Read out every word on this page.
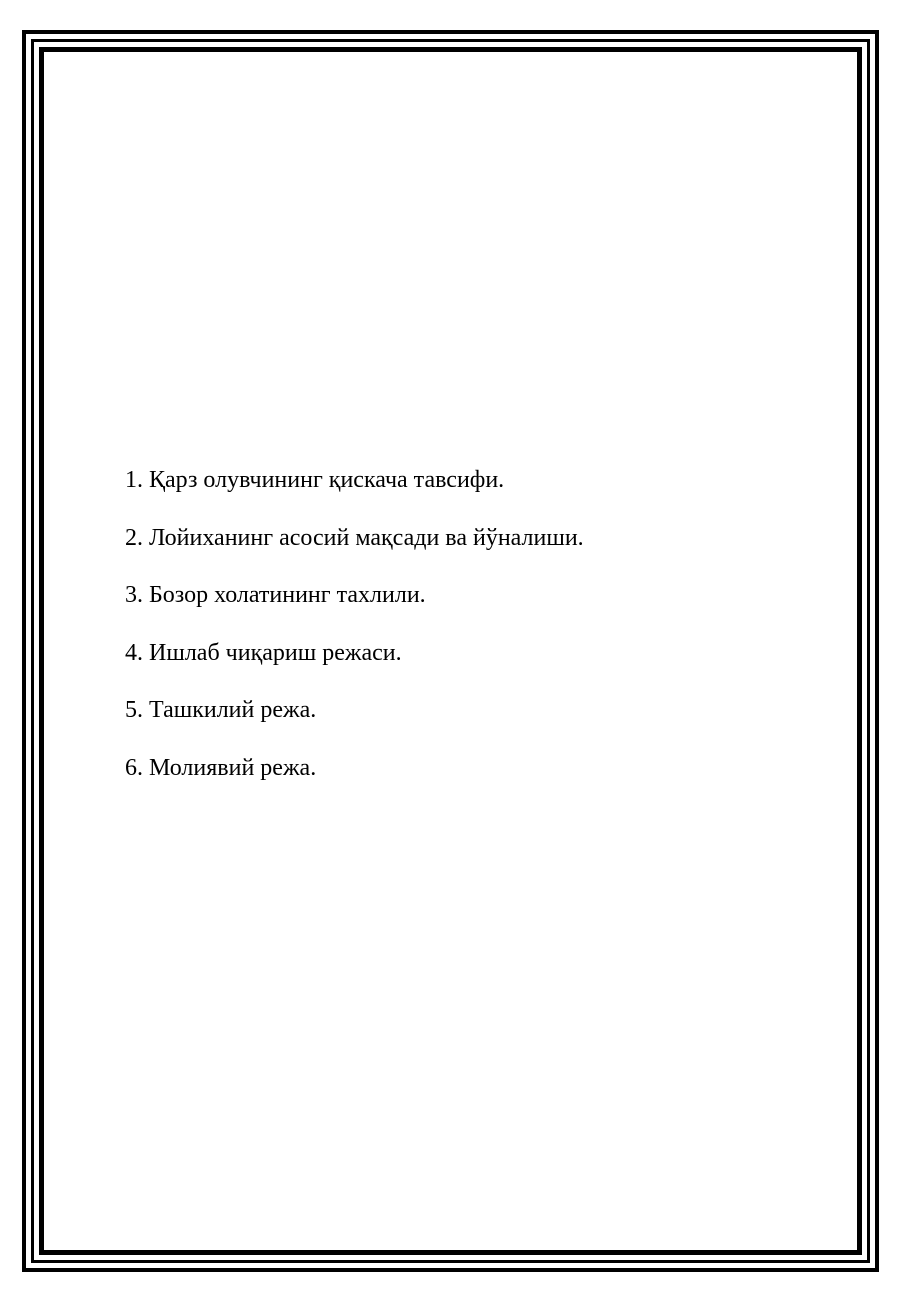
1. Қарз олувчининг қискача тавсифи.
2. Лойиханинг асосий мақсади ва йўналиши.
3. Бозор холатининг тахлили.
4. Ишлаб чиқариш режаси.
5. Ташкилий режа.
6. Молиявий режа.
